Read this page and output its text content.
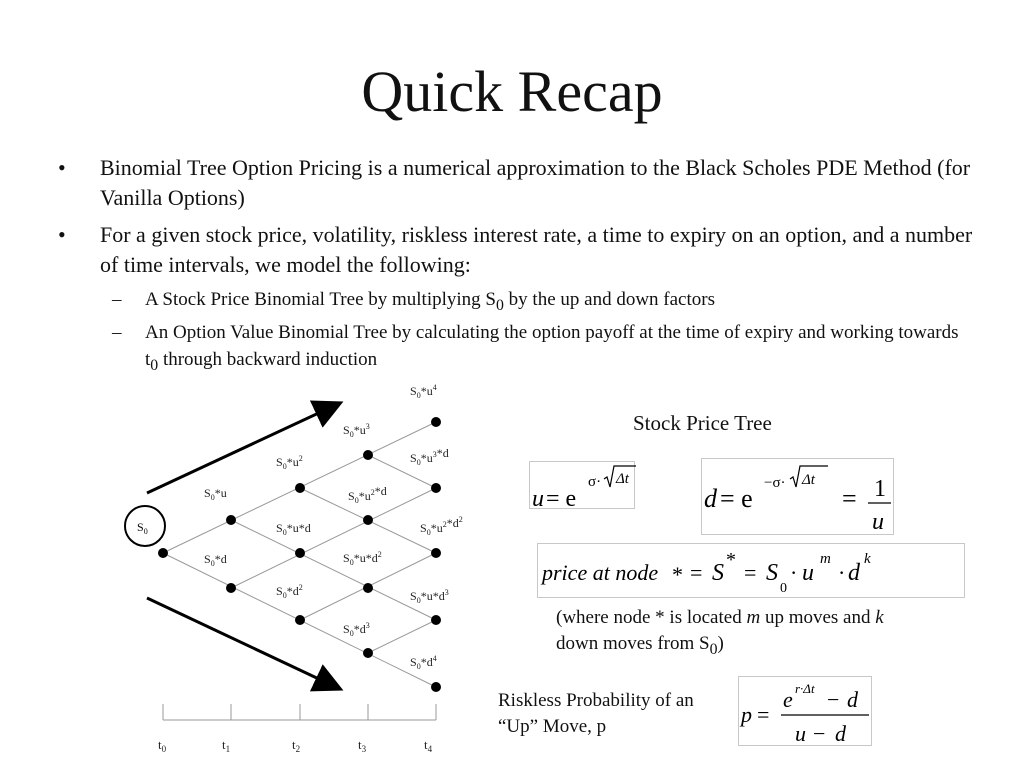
Quick Recap
• Binomial Tree Option Pricing is a numerical approximation to the Black Scholes PDE Method (for Vanilla Options)
• For a given stock price, volatility, riskless interest rate, a time to expiry on an option, and a number of time intervals, we model the following:
– A Stock Price Binomial Tree by multiplying $S_0$ by the up and down factors
– An Option Value Binomial Tree by calculating the option payoff at the time of expiry and working towards $t_0$ through backward induction
$S_0$
$S_0*u$
$S_0*d$
$S_0*u^2$
$S_0*u*d$
$S_0*d^2$
$S_0*u^3$
$S_0*u^2*d$
$S_0*u*d^2$
$S_0*d^3$
$S_0*u^4$
$S_0*u^3*d$
$S_0*u^2*d^2$
$S_0*u*d^3$
$S_0*d^4$
$t_0$	$t_1$	$t_2$	$t_3$	$t_4$
Stock Price Tree
u = e
σ· Δt
d = e
−σ· Δt
= 1
u
price at node * = S * = S
0
· u
m
· d
k
(where node * is located m up moves and k down moves from $S_0$)
Riskless Probability of an “Up” Move, p	p =
e r·Δt − d
u − d
